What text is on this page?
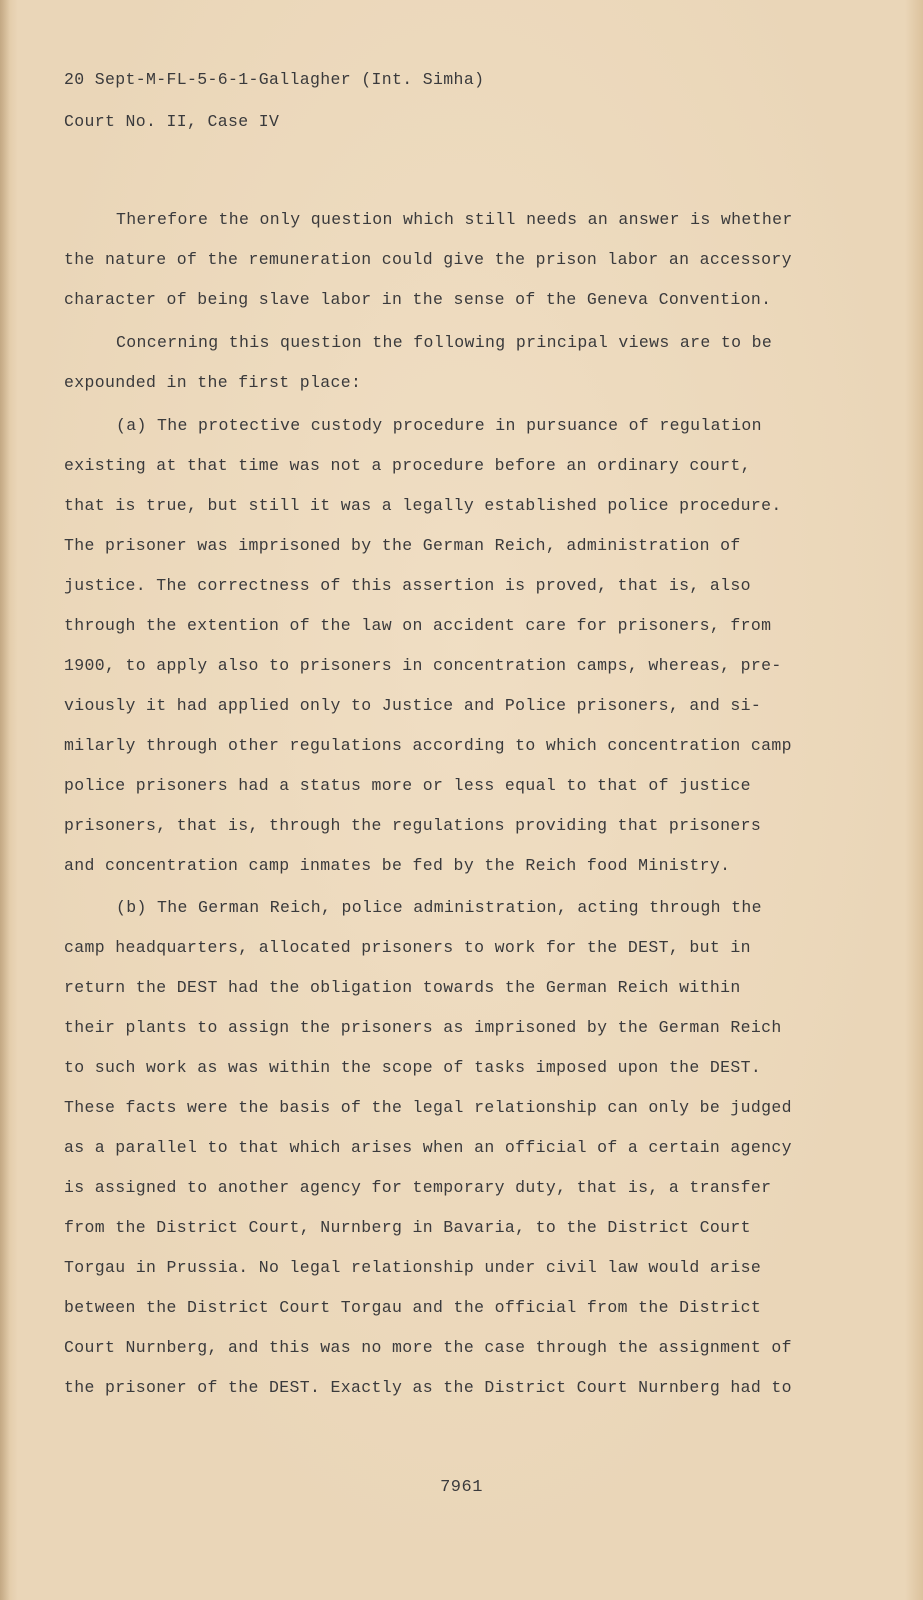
20 Sept-M-FL-5-6-1-Gallagher (Int. Simha)
Court No. II, Case IV
Therefore the only question which still needs an answer is whether
the nature of the remuneration could give the prison labor an accessory
character of being slave labor in the sense of the Geneva Convention.
Concerning this question the following principal views are to be
expounded in the first place:
(a) The protective custody procedure in pursuance of regulation
existing at that time was not a procedure before an ordinary court,
that is true, but still it was a legally established police procedure.
The prisoner was imprisoned by the German Reich, administration of
justice. The correctness of this assertion is proved, that is, also
through the extention of the law on accident care for prisoners, from
1900, to apply also to prisoners in concentration camps, whereas, pre-
viously it had applied only to Justice and Police prisoners, and si-
milarly through other regulations according to which concentration camp
police prisoners had a status more or less equal to that of justice
prisoners, that is, through the regulations providing that prisoners
and concentration camp inmates be fed by the Reich food Ministry.
(b) The German Reich, police administration, acting through the
camp headquarters, allocated prisoners to work for the DEST, but in
return the DEST had the obligation towards the German Reich within
their plants to assign the prisoners as imprisoned by the German Reich
to such work as was within the scope of tasks imposed upon the DEST.
These facts were the basis of the legal relationship can only be judged
as a parallel to that which arises when an official of a certain agency
is assigned to another agency for temporary duty, that is, a transfer
from the District Court, Nurnberg in Bavaria, to the District Court
Torgau in Prussia. No legal relationship under civil law would arise
between the District Court Torgau and the official from the District
Court Nurnberg, and this was no more the case through the assignment of
the prisoner of the DEST. Exactly as the District Court Nurnberg had to
7961
